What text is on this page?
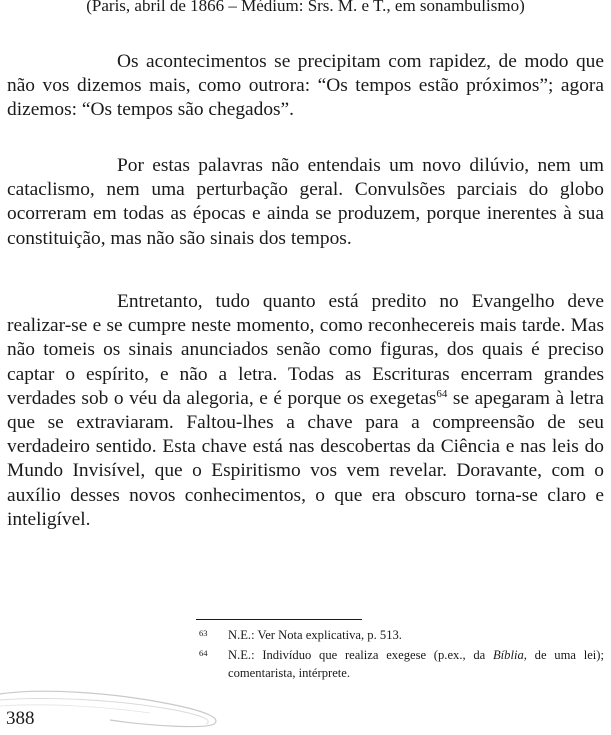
(Paris, abril de 1866 – Médium: Srs. M. e T., em sonambulismo)

Os acontecimentos se precipitam com rapidez, de modo que não vos dizemos mais, como outrora: “Os tempos estão próximos”; agora dizemos: “Os tempos são chegados”.

Por estas palavras não entendais um novo dilúvio, nem um cataclismo, nem uma perturbação geral. Convulsões parciais do globo ocorreram em todas as épocas e ainda se produzem, porque inerentes à sua constituição, mas não são sinais dos tempos.

Entretanto, tudo quanto está predito no Evangelho deve realizar-se e se cumpre neste momento, como reconhecereis mais tarde. Mas não tomeis os sinais anunciados senão como figuras, dos quais é preciso captar o espírito, e não a letra. Todas as Escrituras encerram grandes verdades sob o véu da alegoria, e é porque os exegetas$^{64}$ se apegaram à letra que se extraviaram. Faltou-lhes a chave para a compreensão de seu verdadeiro sentido. Esta chave está nas descobertas da Ciência e nas leis do Mundo Invisível, que o Espiritismo vos vem revelar. Doravante, com o auxílio desses novos conhecimentos, o que era obscuro torna-se claro e inteligível.

63 N.E.: Ver Nota explicativa, p. 513.
64 N.E.: Indivíduo que realiza exegese (p.ex., da Bíblia, de uma lei); comentarista, intérprete.
388
